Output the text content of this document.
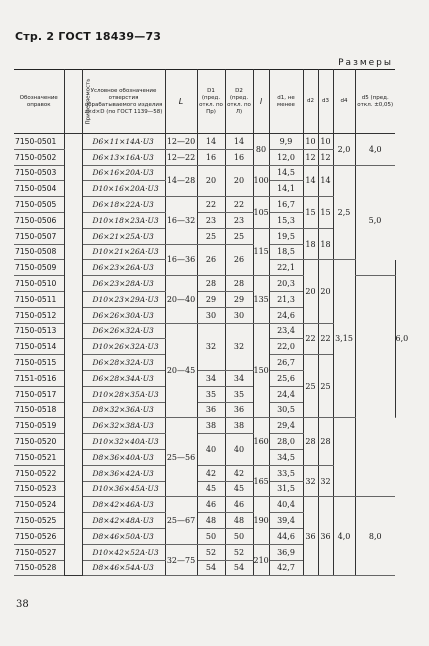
Стр. 2 ГОСТ 18439—73
Размеры
Обозначение оправок	Применяемость	Условное обозначение отверстия обрабатываемого изделия z×d×D (по ГОСТ 1139—58)	L	D1 (пред. откл. по Пр)	D2 (пред. откл. по Л)	l	d1, не менее	d2	d3	d4	d5 (пред. откл. ±0,05)	
7150-0501		D6×11×14A·U3	12—20	14	14	80	9,9	10	10	2,0	4,0	
7150-0502		D6×13×16A·U3	12—22	16	16		12,0	12	12			
7150-0503		D6×16×20A·U3	14—28	20	20	100	14,5	14	14	2,5	5,0	
7150-0504		D10×16×20A·U3					14,1					
7150-0505		D6×18×22A·U3	16—32	22	22	105	16,7	15	15			
7150-0506		D10×18×23A·U3		23	23		15,3					
7150-0507		D6×21×25A·U3		25	25	115	19,5	18	18			
7150-0508		D10×21×26A·U3	16—36	26	26		18,5					
7150-0509		D6×23×26A·U3					22,1	20	20	3,15		6,0
7150-0510		D6×23×28A·U3	20—40	28	28	135	20,3					
7150-0511		D10×23×29A·U3		29	29		21,3					
7150-0512		D6×26×30A·U3		30	30		24,6					
7150-0513		D6×26×32A·U3	20—45	32	32	150	23,4	22	22			
7150-0514		D10×26×32A·U3					22,0					
7150-0515		D6×28×32A·U3					26,7	25	25			
7151-0516		D6×28×34A·U3		34	34		25,6					
7150-0517		D10×28×35A·U3		35	35		24,4					
7150-0518		D8×32×36A·U3		36	36		30,5					
7150-0519		D6×32×38A·U3	25—56	38	38	160	29,4	28	28			
7150-0520		D10×32×40A·U3		40	40		28,0					
7150-0521		D8×36×40A·U3					34,5					
7150-0522		D8×36×42A·U3		42	42	165	33,5	32	32			
7150-0523		D10×36×45A·U3		45	45		31,5					
7150-0524		D8×42×46A·U3	25—67	46	46	190	40,4	36	36	4,0	8,0	
7150-0525		D8×42×48A·U3		48	48		39,4					
7150-0526		D8×46×50A·U3		50	50		44,6					
7150-0527		D10×42×52A·U3	32—75	52	52	210	36,9					
7150-0528		D8×46×54A·U3		54	54		42,7					
38
